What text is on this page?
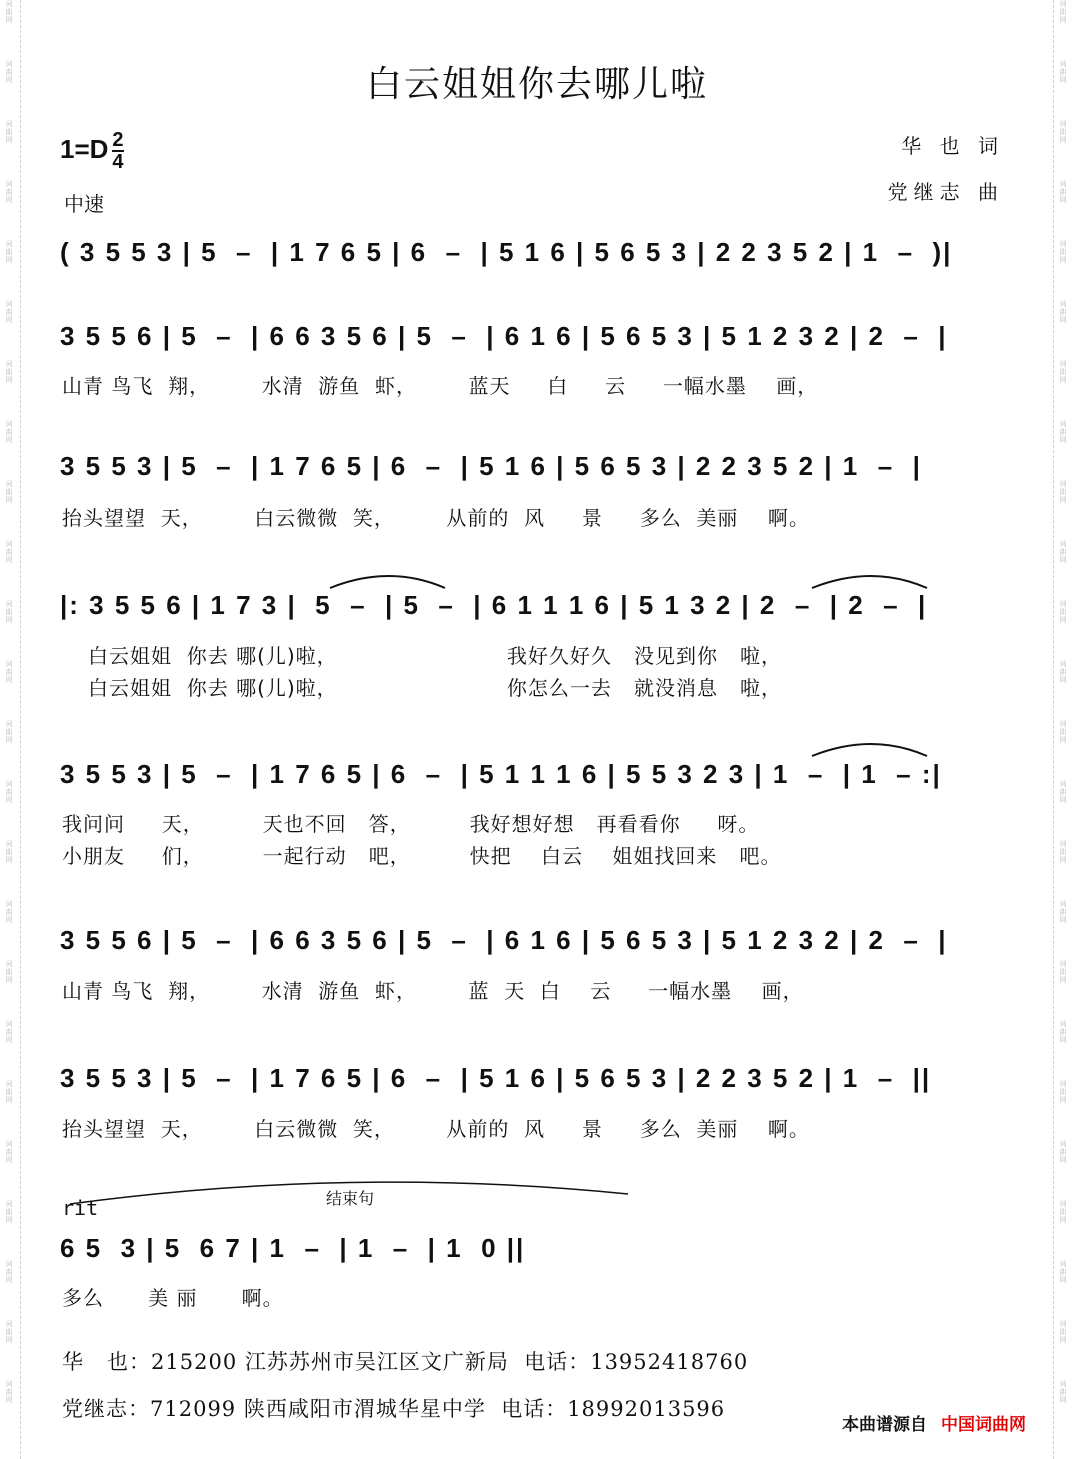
词
曲
网
词
曲
网
词
曲
网
词
曲
网
词
曲
网
词
曲
网
词
曲
网
词
曲
网
词
曲
网
词
曲
网
词
曲
网
词
曲
网
词
曲
网
词
曲
网
词
曲
网
词
曲
网
词
曲
网
词
曲
网
词
曲
网
词
曲
网
词
曲
网
词
曲
网
词
曲
网
词
曲
网
词
曲
网
词
曲
网
词
曲
网
词
曲
网
词
曲
网
词
曲
网
词
曲
网
词
曲
网
词
曲
网
词
曲
网
词
曲
网
词
曲
网
词
曲
网
词
曲
网
词
曲
网
词
曲
网
词
曲
网
词
曲
网
词
曲
网
词
曲
网
词
曲
网
词
曲
网
词
曲
网
词
曲
网
白云姐姐你去哪儿啦
$1=D \frac{2}{4}$
中速
华 也 词
党继志 曲
( 3 5 5 3 | 5  –  | 1 7 6 5 | 6  –  | 5 1 6 | 5 6 5 3 | 2 2 3 5 2 | 1  –  )|
3 5 5 6 | 5  –  | 6 6 3 5 6 | 5  –  | 6 1 6 | 5 6 5 3 | 5 1 2 3 2 | 2  –  |
山青 鸟飞  翔，       水清  游鱼  虾，       蓝天     白     云     一幅水墨    画，
3 5 5 3 | 5  –  | 1 7 6 5 | 6  –  | 5 1 6 | 5 6 5 3 | 2 2 3 5 2 | 1  –  |
抬头望望  天，       白云微微  笑，       从前的  风     景     多么  美丽    啊。
|: 3 5 5 6 | 1 7 3 |  5  –  | 5  –  | 6 1 1 1 6 | 5 1 3 2 | 2  –  | 2  –  |
白云姐姐  你去 哪(儿)啦，                       我好久好久   没见到你   啦，
白云姐姐  你去 哪(儿)啦，                       你怎么一去   就没消息   啦，
3 5 5 3 | 5  –  | 1 7 6 5 | 6  –  | 5 1 1 1 6 | 5 5 3 2 3 | 1  –  | 1  – :|
我问问     天，        天也不回   答，        我好想好想   再看看你     呀。
小朋友     们，        一起行动   吧，        快把    白云    姐姐找回来   吧。
3 5 5 6 | 5  –  | 6 6 3 5 6 | 5  –  | 6 1 6 | 5 6 5 3 | 5 1 2 3 2 | 2  –  |
山青 鸟飞  翔，       水清  游鱼  虾，       蓝  天  白    云     一幅水墨    画，
3 5 5 3 | 5  –  | 1 7 6 5 | 6  –  | 5 1 6 | 5 6 5 3 | 2 2 3 5 2 | 1  –  ||
抬头望望  天，       白云微微  笑，       从前的  风     景     多么  美丽    啊。
结束句
rit
6 5  3 | 5  6 7 | 1  –  | 1  –  | 1  0 ||
多么      美 丽      啊。
华   也：215200 江苏苏州市吴江区文广新局  电话：13952418760
党继志：712099 陕西咸阳市渭城华星中学  电话：18992013596
本曲谱源自 中国词曲网
